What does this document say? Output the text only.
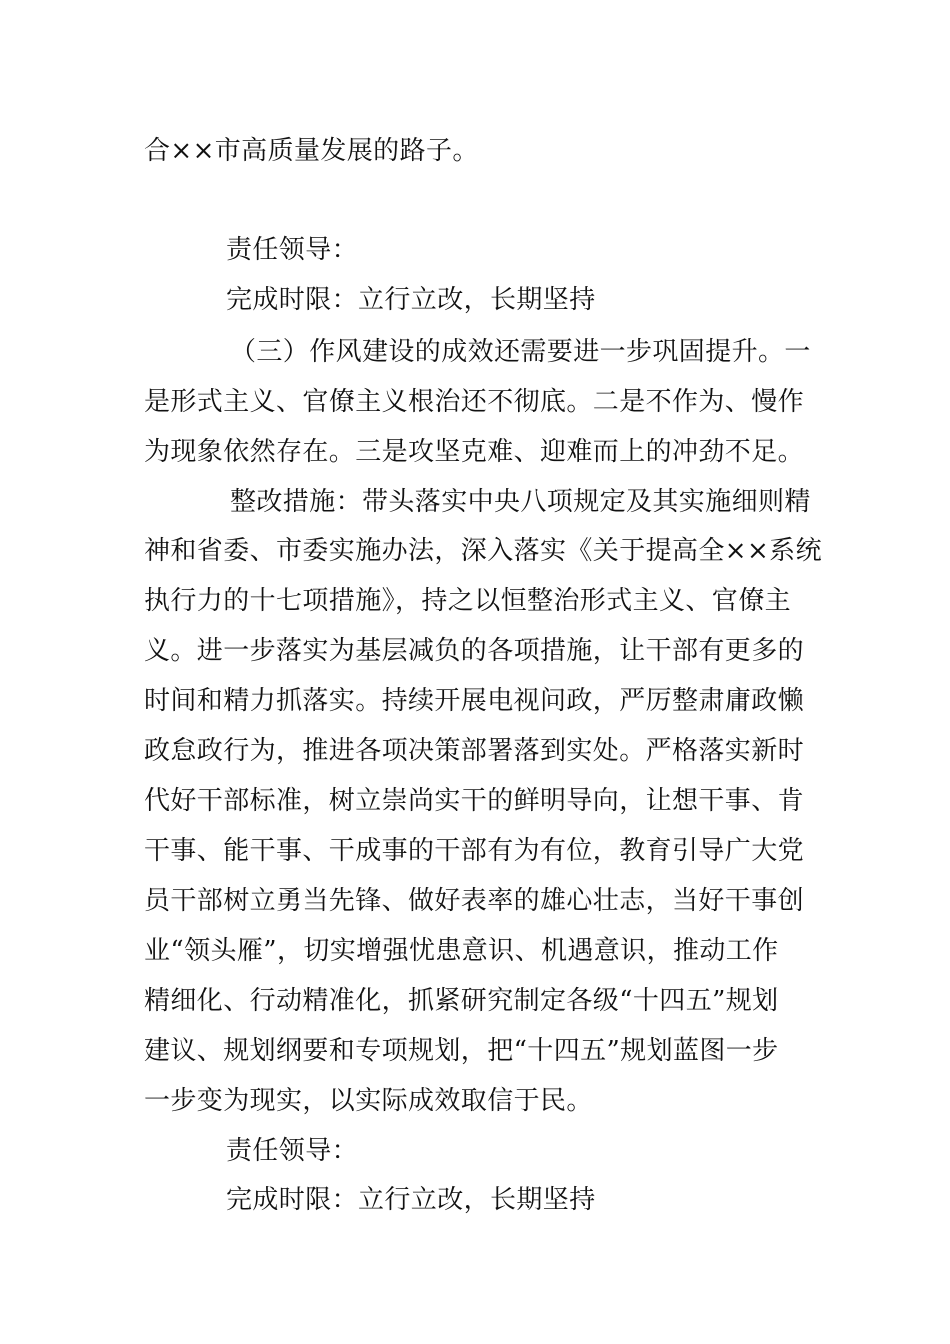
合××市高质量发展的路子。
责任领导：
完成时限：立行立改，长期坚持
（三）作风建设的成效还需要进一步巩固提升。一
是形式主义、官僚主义根治还不彻底。二是不作为、慢作
为现象依然存在。三是攻坚克难、迎难而上的冲劲不足。
整改措施：带头落实中央八项规定及其实施细则精
神和省委、市委实施办法，深入落实《关于提高全××系统
执行力的十七项措施》，持之以恒整治形式主义、官僚主
义。进一步落实为基层减负的各项措施，让干部有更多的
时间和精力抓落实。持续开展电视问政，严厉整肃庸政懒
政怠政行为，推进各项决策部署落到实处。严格落实新时
代好干部标准，树立崇尚实干的鲜明导向，让想干事、肯
干事、能干事、干成事的干部有为有位，教育引导广大党
员干部树立勇当先锋、做好表率的雄心壮志，当好干事创
业“领头雁”，切实增强忧患意识、机遇意识，推动工作
精细化、行动精准化，抓紧研究制定各级“十四五”规划
建议、规划纲要和专项规划，把“十四五”规划蓝图一步
一步变为现实，以实际成效取信于民。
责任领导：
完成时限：立行立改，长期坚持
